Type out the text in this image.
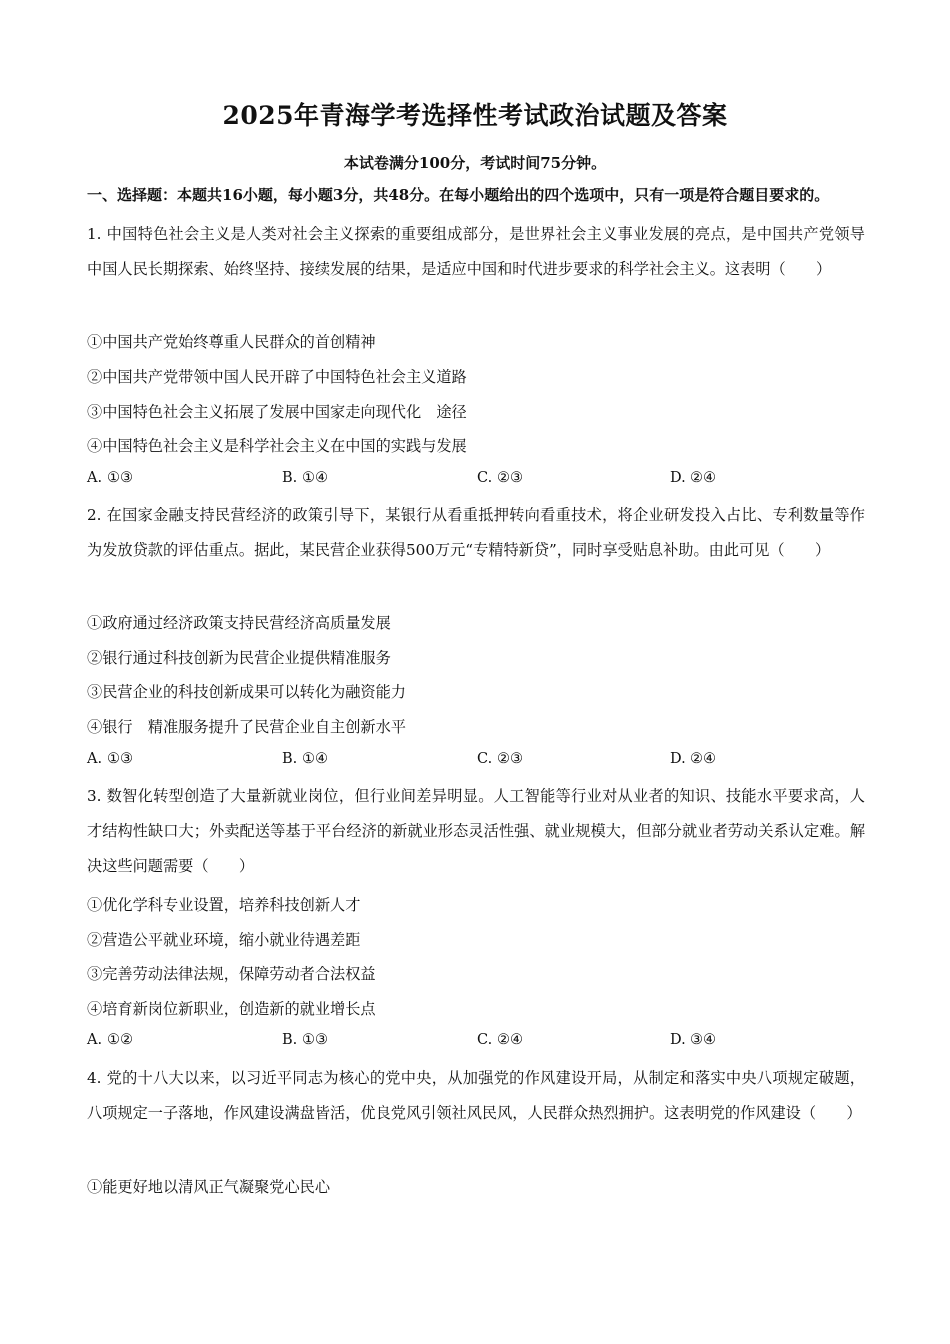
2025年青海学考选择性考试政治试题及答案
本试卷满分100分，考试时间75分钟。
一、选择题：本题共16小题，每小题3分，共48分。在每小题给出的四个选项中，只有一项是符合题目要求的。
1. 中国特色社会主义是人类对社会主义探索的重要组成部分，是世界社会主义事业发展的亮点，是中国共产党领导中国人民长期探索、始终坚持、接续发展的结果，是适应中国和时代进步要求的科学社会主义。这表明（　　）
①中国共产党始终尊重人民群众的首创精神
②中国共产党带领中国人民开辟了中国特色社会主义道路
③中国特色社会主义拓展了发展中国家走向现代化　途径
④中国特色社会主义是科学社会主义在中国的实践与发展
A. ①③	B. ①④	C. ②③	D. ②④
2. 在国家金融支持民营经济的政策引导下，某银行从看重抵押转向看重技术，将企业研发投入占比、专利数量等作为发放贷款的评估重点。据此，某民营企业获得500万元“专精特新贷”，同时享受贴息补助。由此可见（　　）
①政府通过经济政策支持民营经济高质量发展
②银行通过科技创新为民营企业提供精准服务
③民营企业的科技创新成果可以转化为融资能力
④银行　精准服务提升了民营企业自主创新水平
A. ①③	B. ①④	C. ②③	D. ②④
3. 数智化转型创造了大量新就业岗位，但行业间差异明显。人工智能等行业对从业者的知识、技能水平要求高，人才结构性缺口大；外卖配送等基于平台经济的新就业形态灵活性强、就业规模大，但部分就业者劳动关系认定难。解决这些问题需要（　　）
①优化学科专业设置，培养科技创新人才
②营造公平就业环境，缩小就业待遇差距
③完善劳动法律法规，保障劳动者合法权益
④培育新岗位新职业，创造新的就业增长点
A. ①②	B. ①③	C. ②④	D. ③④
4. 党的十八大以来，以习近平同志为核心的党中央，从加强党的作风建设开局，从制定和落实中央八项规定破题，八项规定一子落地，作风建设满盘皆活，优良党风引领社风民风，人民群众热烈拥护。这表明党的作风建设（　　）
①能更好地以清风正气凝聚党心民心
